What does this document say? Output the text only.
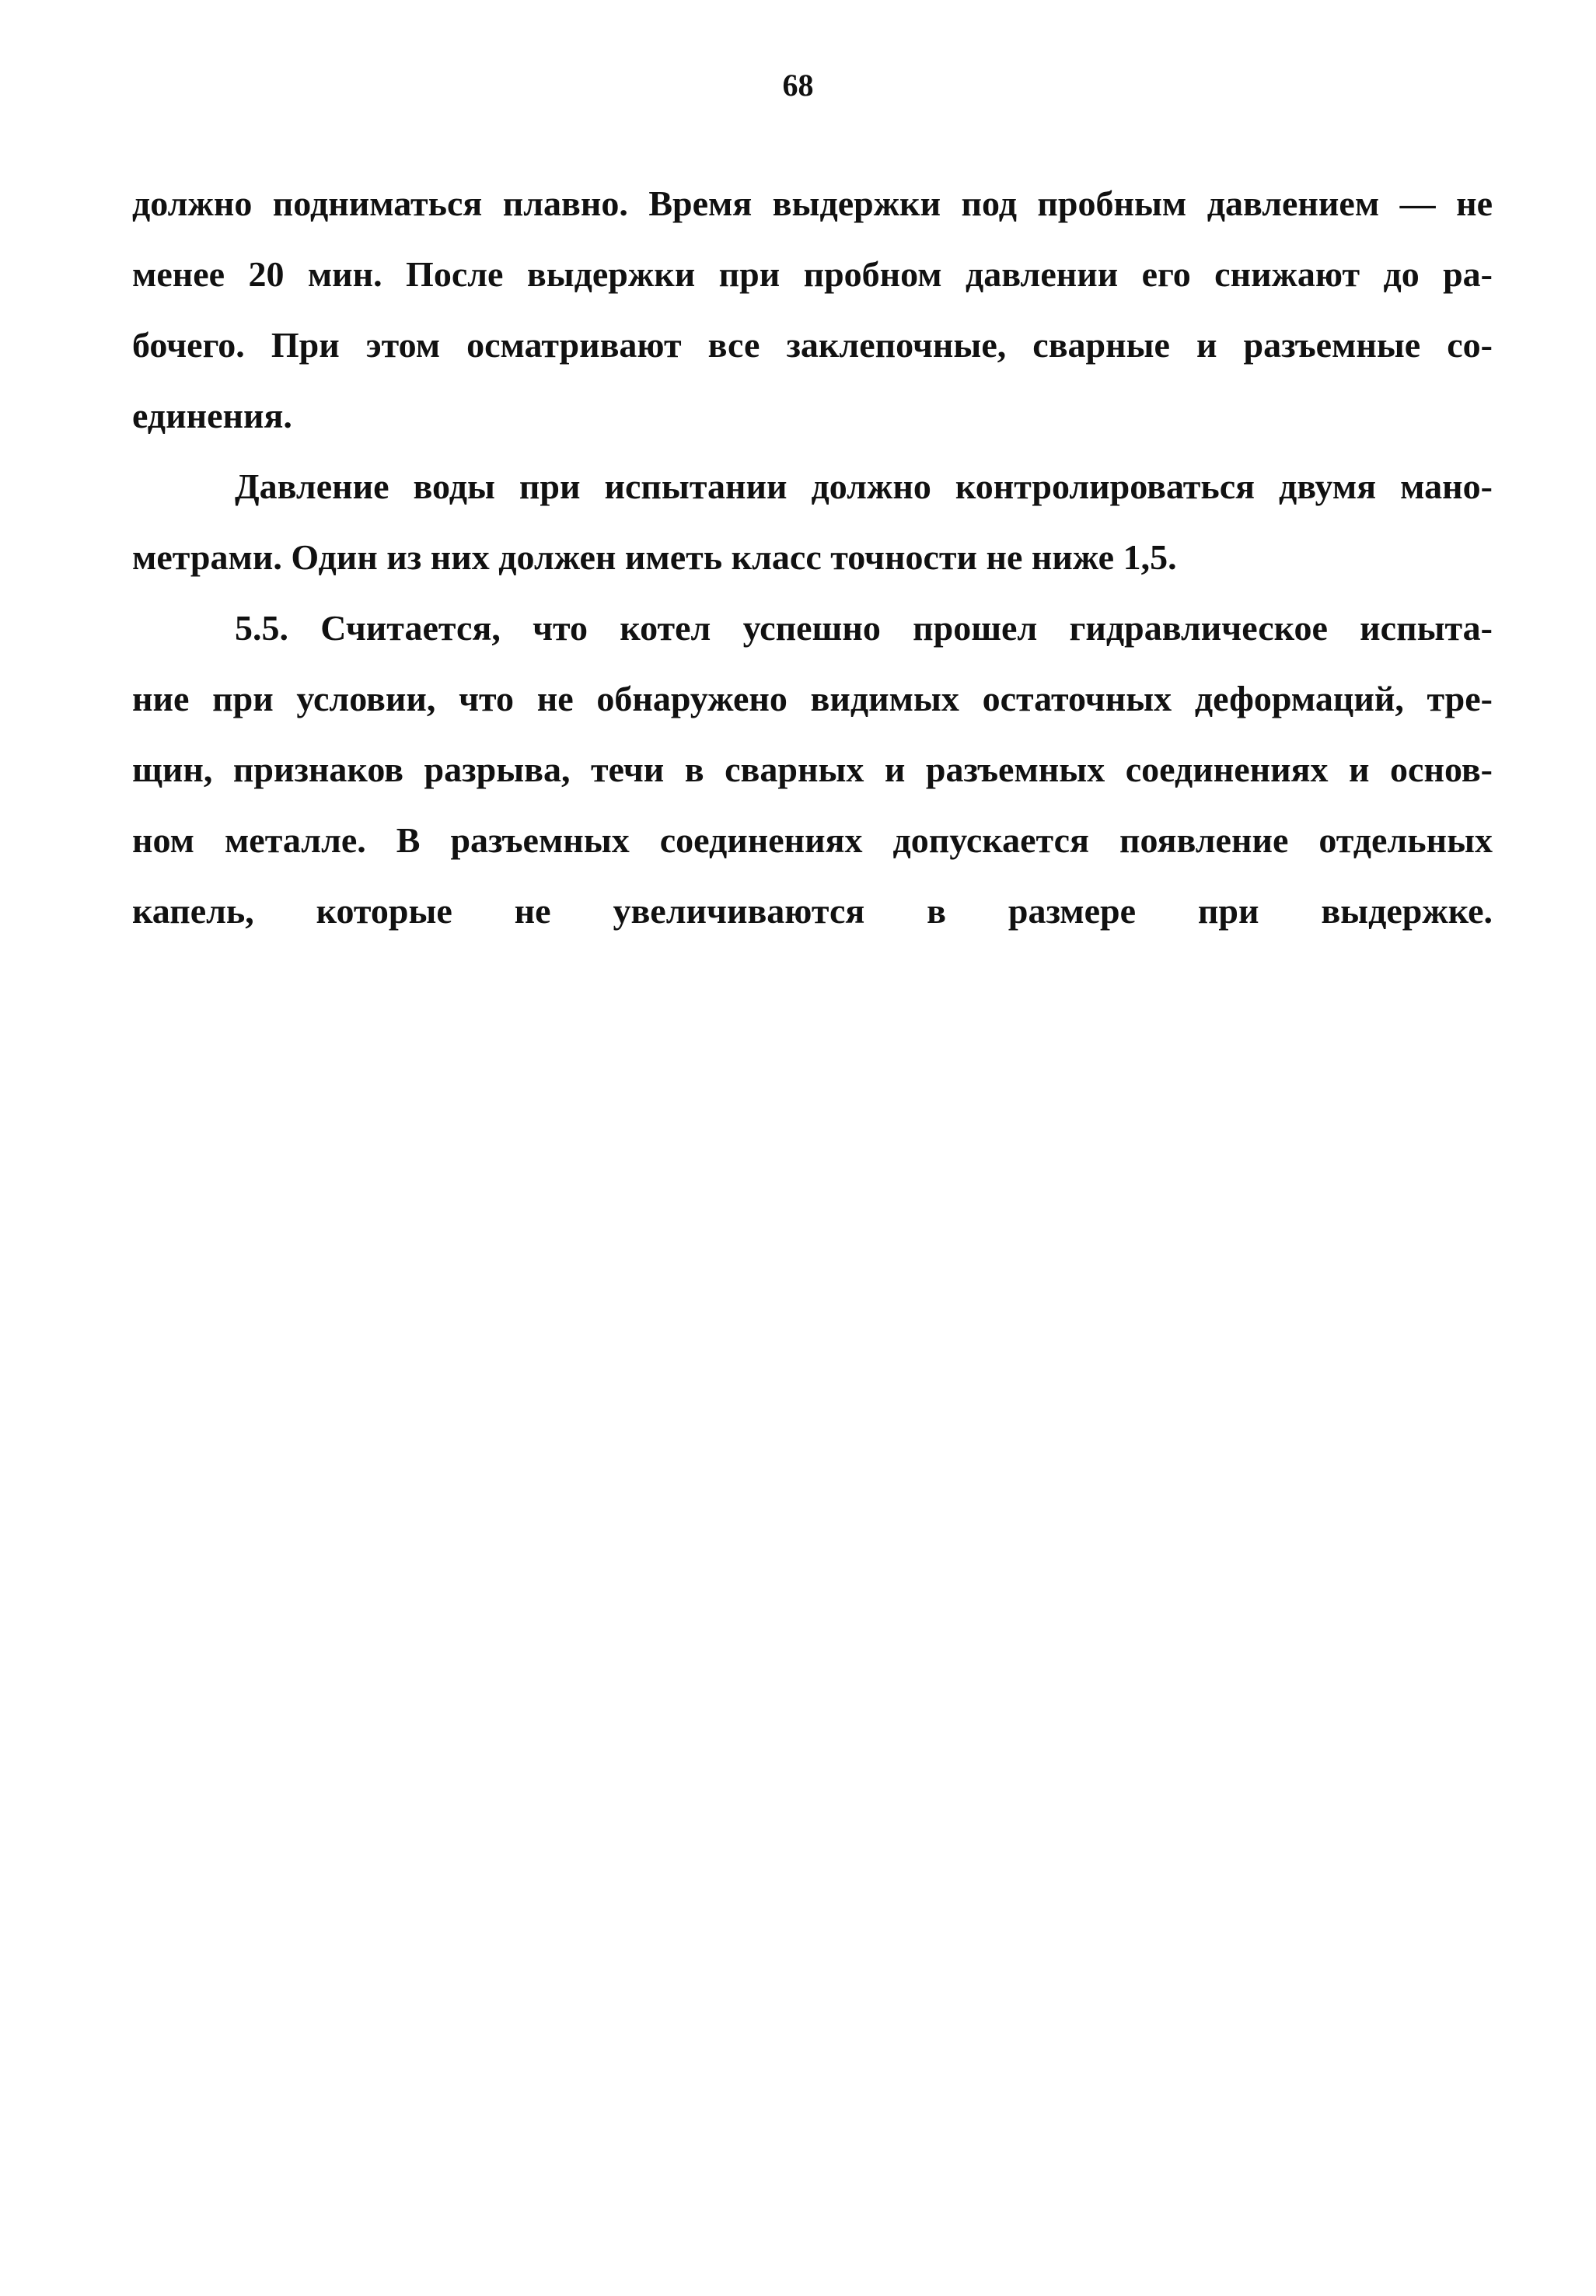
68
должно подниматься плавно. Время выдержки под пробным давлением — не
менее 20 мин. После выдержки при пробном давлении его снижают до ра-
бочего. При этом осматривают все заклепочные, сварные и разъемные со-
единения.
Давление воды при испытании должно контролироваться двумя мано-
метрами. Один из них должен иметь класс точности не ниже 1,5.
5.5. Считается, что котел успешно прошел гидравлическое испыта-
ние при условии, что не обнаружено видимых остаточных деформаций, тре-
щин, признаков разрыва, течи в сварных и разъемных соединениях и основ-
ном металле. В разъемных соединениях допускается появление отдельных
капель, которые не увеличиваются в размере при выдержке.
